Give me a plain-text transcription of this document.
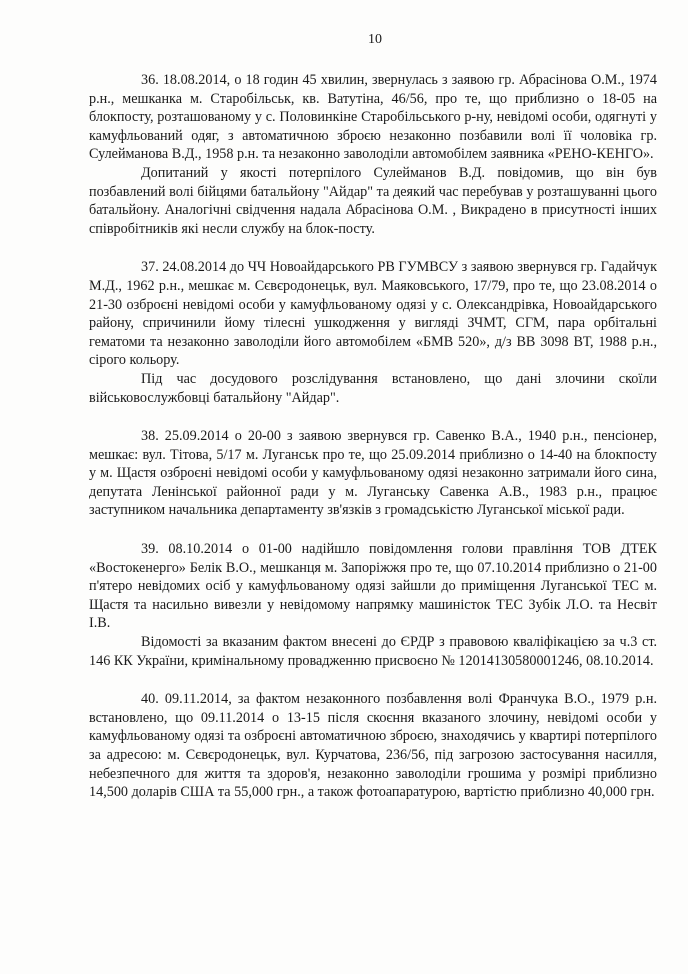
10

36. 18.08.2014, о 18 годин 45 хвилин, звернулась з заявою гр. Абрасінова О.М., 1974 р.н., мешканка м. Старобільськ, кв. Ватутіна, 46/56, про те, що приблизно о 18-05 на блокпосту, розташованому у с. Половинкіне Старобільського р-ну, невідомі особи, одягнуті у камуфльований одяг, з автоматичною зброєю незаконно позбавили волі її чоловіка гр. Сулейманова В.Д., 1958 р.н. та незаконно заволоділи автомобілем заявника «РЕНО-КЕНГО».

Допитаний у якості потерпілого Сулейманов В.Д. повідомив, що він був позбавлений волі бійцями батальйону "Айдар" та деякий час перебував у розташуванні цього батальйону. Аналогічні свідчення надала Абрасінова О.М. , Викрадено в присутності інших співробітників які несли службу на блок-посту.

37. 24.08.2014 до ЧЧ Новоайдарського РВ ГУМВСУ з заявою звернувся гр. Гадайчук М.Д., 1962 р.н., мешкає м. Сєвєродонецьк, вул. Маяковського, 17/79, про те, що 23.08.2014 о 21-30 озброєні невідомі особи у камуфльованому одязі у с. Олександрівка, Новоайдарського району, спричинили йому тілесні ушкодження у вигляді ЗЧМТ, СГМ, пара орбітальні гематоми та незаконно заволоділи його автомобілем «БМВ 520», д/з ВВ 3098 ВТ, 1988 р.н., сірого кольору.

Під час досудового розслідування встановлено, що дані злочини скоїли військовослужбовці батальйону "Айдар".

38. 25.09.2014 о 20-00 з заявою звернувся гр. Савенко В.А., 1940 р.н., пенсіонер, мешкає: вул. Тітова, 5/17 м. Луганськ про те, що 25.09.2014 приблизно о 14-40 на блокпосту у м. Щастя озброєні невідомі особи у камуфльованому одязі незаконно затримали його сина, депутата Ленінської районної ради у м. Луганську Савенка А.В., 1983 р.н., працює заступником начальника департаменту зв'язків з громадськістю Луганської міської ради.

39. 08.10.2014 о 01-00 надійшло повідомлення голови правління ТОВ ДТЕК «Востокенерго» Белік В.О., мешканця м. Запоріжжя про те, що 07.10.2014 приблизно о 21-00 п'ятеро невідомих осіб у камуфльованому одязі зайшли до приміщення Луганської ТЕС м. Щастя та насильно вивезли у невідомому напрямку машиністок ТЕС Зубік Л.О. та Несвіт І.В.

Відомості за вказаним фактом внесені до ЄРДР з правовою кваліфікацією за ч.3 ст. 146 КК України, кримінальному провадженню присвоєно № 12014130580001246, 08.10.2014.

40. 09.11.2014, за фактом незаконного позбавлення волі Франчука В.О., 1979 р.н. встановлено, що 09.11.2014 о 13-15 після скоєння вказаного злочину, невідомі особи у камуфльованому одязі та озброєні автоматичною зброєю, знаходячись у квартирі потерпілого за адресою: м. Сєвєродонецьк, вул. Курчатова, 236/56, під загрозою застосування насилля, небезпечного для життя та здоров'я, незаконно заволоділи грошима у розмірі приблизно 14,500 доларів США та 55,000 грн., а також фотоапаратурою, вартістю приблизно 40,000 грн.
